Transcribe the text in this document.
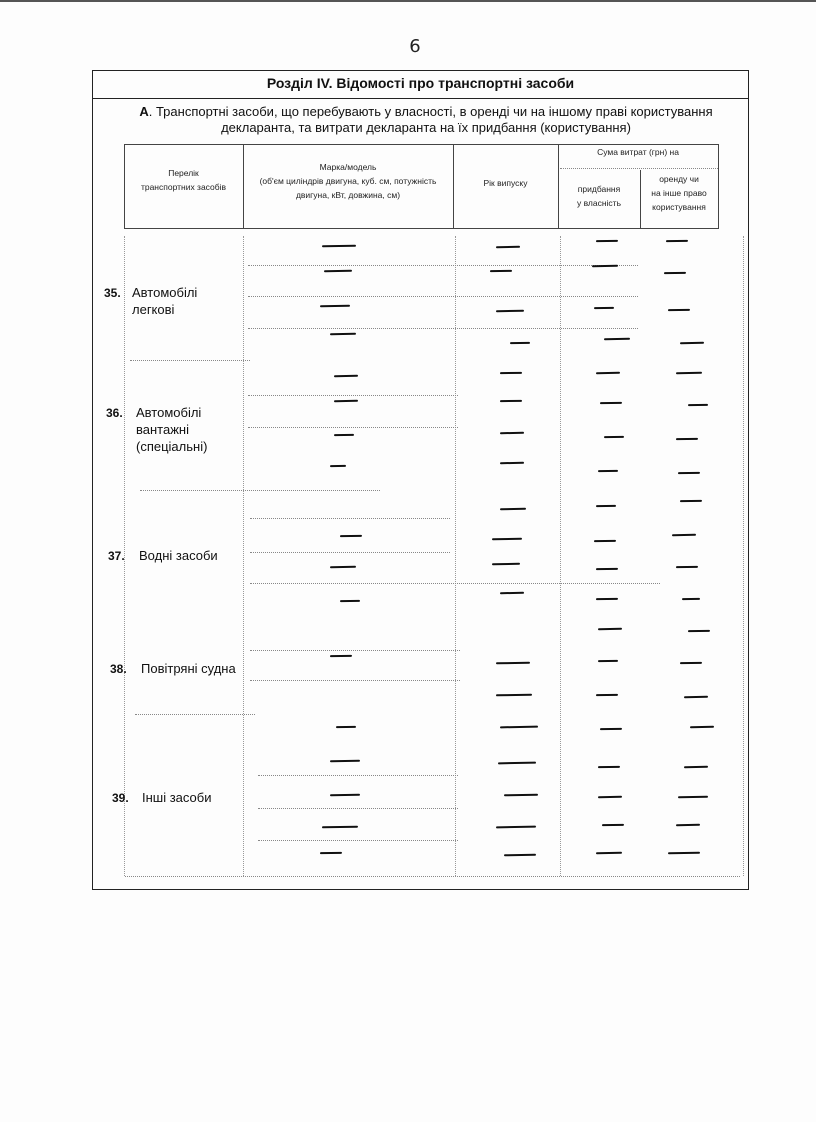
6
Розділ IV. Відомості про транспортні засоби
А. Транспортні засоби, що перебувають у власності, в оренді чи на іншому праві користування
декларанта, та витрати декларанта на їх придбання (користування)
Перелік
транспортних засобів
Марка/модель
(об'єм циліндрів двигуна, куб. см, потужність
двигуна, кВт, довжина, см)
Рік випуску
Сума витрат (грн) на
придбання
у власність
оренду чи
на інше право
користування
35. Автомобілі
легкові
36. Автомобілі
вантажні
(спеціальні)
37. Водні засоби
38. Повітряні судна
39. Інші засоби
